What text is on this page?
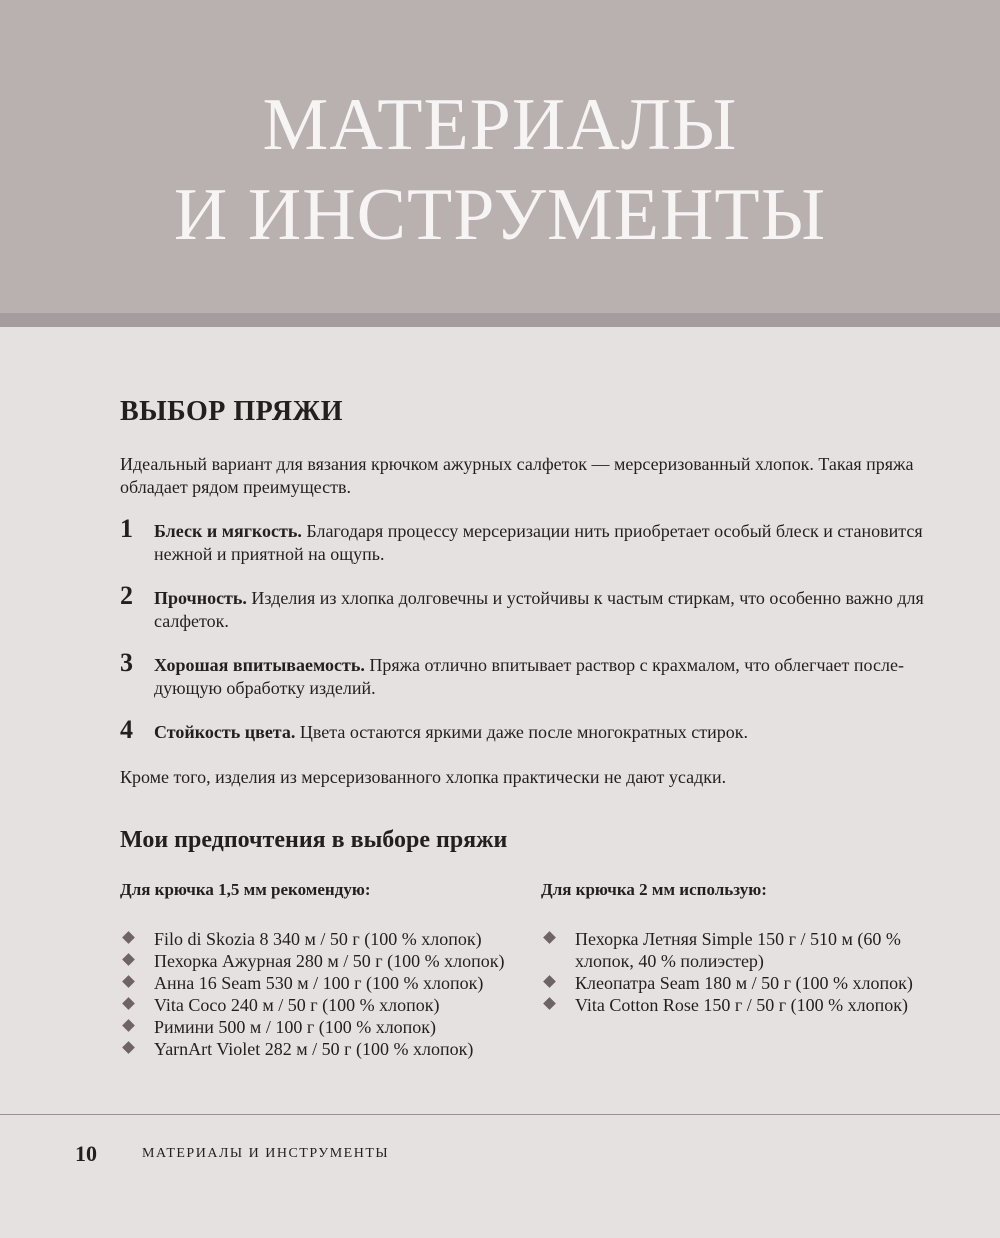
МАТЕРИАЛЫ
И ИНСТРУМЕНТЫ
ВЫБОР ПРЯЖИ

Идеальный вариант для вязания крючком ажурных салфеток — мерсеризованный хлопок. Такая пряжа обладает рядом преимуществ.

1 Блеск и мягкость. Благодаря процессу мерсеризации нить приобретает особый блеск и становится нежной и приятной на ощупь.
2 Прочность. Изделия из хлопка долговечны и устойчивы к частым стиркам, что особенно важно для салфеток.
3 Хорошая впитываемость. Пряжа отлично впитывает раствор с крахмалом, что облегчает последующую обработку изделий.
4 Стойкость цвета. Цвета остаются яркими даже после многократных стирок.

Кроме того, изделия из мерсеризованного хлопка практически не дают усадки.

Мои предпочтения в выборе пряжи

Для крючка 1,5 мм рекомендую:

Filo di Skozia 8 340 м / 50 г (100 % хлопок)
Пехорка Ажурная 280 м / 50 г (100 % хлопок)
Анна 16 Seam 530 м / 100 г (100 % хлопок)
Vita Coco 240 м / 50 г (100 % хлопок)
Римини 500 м / 100 г (100 % хлопок)
YarnArt Violet 282 м / 50 г (100 % хлопок)

Для крючка 2 мм использую:

Пехорка Летняя Simple 150 г / 510 м (60 % хлопок, 40 % полиэстер)
Клеопатра Seam 180 м / 50 г (100 % хлопок)
Vita Cotton Rose 150 г / 50 г (100 % хлопок)
10	МАТЕРИАЛЫ И ИНСТРУМЕНТЫ
